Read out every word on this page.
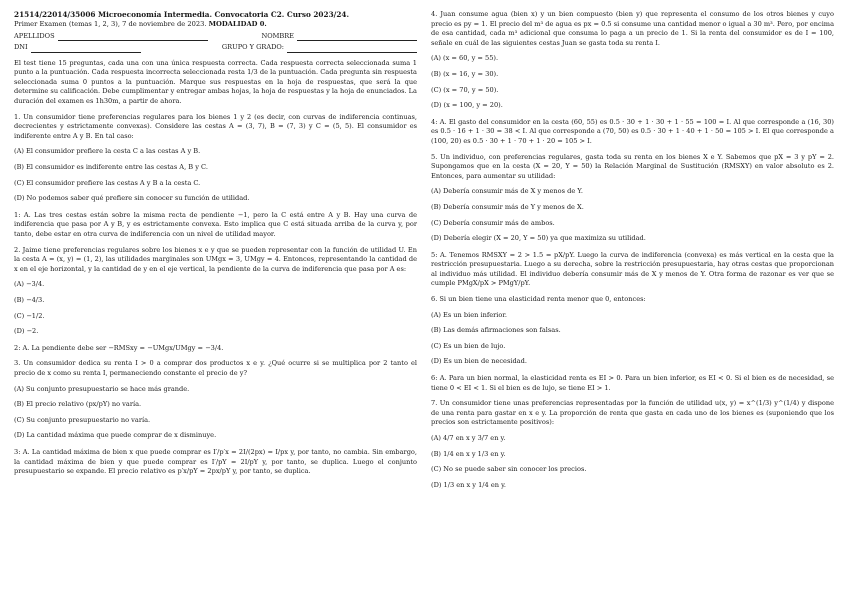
21514/22014/35006 Microeconomía Intermedia. Convocatoria C2. Curso 2023/24.
Primer Examen (temas 1, 2, 3), 7 de noviembre de 2023. MODALIDAD 0.
APELLIDOS	NOMBRE
DNI	GRUPO Y GRADO:

El test tiene 15 preguntas, cada una con una única respuesta correcta. Cada respuesta correcta seleccionada suma 1 punto a la puntuación. Cada respuesta incorrecta seleccionada resta 1/3 de la puntuación. Cada pregunta sin respuesta seleccionada suma 0 puntos a la puntuación. Marque sus respuestas en la hoja de respuestas, que será la que determine su calificación. Debe cumplimentar y entregar ambas hojas, la hoja de respuestas y la hoja de enunciados. La duración del examen es 1h30m, a partir de ahora.

1. Un consumidor tiene preferencias regulares para los bienes 1 y 2 (es decir, con curvas de indiferencia continuas, decrecientes y estrictamente convexas). Considere las cestas A = (3, 7), B = (7, 3) y C = (5, 5). El consumidor es indiferente entre A y B. En tal caso:

(A) El consumidor prefiere la cesta C a las cestas A y B.
(B) El consumidor es indiferente entre las cestas A, B y C.
(C) El consumidor prefiere las cestas A y B a la cesta C.
(D) No podemos saber qué prefiere sin conocer su función de utilidad.

1: A. Las tres cestas están sobre la misma recta de pendiente −1, pero la C está entre A y B. Hay una curva de indiferencia que pasa por A y B, y es estrictamente convexa. Esto implica que C está situada arriba de la curva y, por tanto, debe estar en otra curva de indiferencia con un nivel de utilidad mayor.

2. Jaime tiene preferencias regulares sobre los bienes x e y que se pueden representar con la función de utilidad U. En la cesta A = (x, y) = (1, 2), las utilidades marginales son UMgx = 3, UMgy = 4. Entonces, representando la cantidad de x en el eje horizontal, y la cantidad de y en el eje vertical, la pendiente de la curva de indiferencia que pasa por A es:

(A) −3/4.
(B) −4/3.
(C) −1/2.
(D) −2.

2: A. La pendiente debe ser −RMSxy = −UMgx/UMgy = −3/4.

3. Un consumidor dedica su renta I > 0 a comprar dos productos x e y. ¿Qué ocurre si se multiplica por 2 tanto el precio de x como su renta I, permaneciendo constante el precio de y?

(A) Su conjunto presupuestario se hace más grande.
(B) El precio relativo (px/pY) no varía.
(C) Su conjunto presupuestario no varía.
(D) La cantidad máxima que puede comprar de x disminuye.

3: A. La cantidad máxima de bien x que puede comprar es I′/p′x = 2I/(2px) = I/px y, por tanto, no cambia. Sin embargo, la cantidad máxima de bien y que puede comprar es I′/pY = 2I/pY y, por tanto, se duplica. Luego el conjunto presupuestario se expande. El precio relativo es p′x/pY = 2px/pY y, por tanto, se duplica.

4. Juan consume agua (bien x) y un bien compuesto (bien y) que representa el consumo de los otros bienes y cuyo precio es py = 1. El precio del m³ de agua es px = 0.5 si consume una cantidad menor o igual a 30 m³. Pero, por encima de esa cantidad, cada m³ adicional que consuma lo paga a un precio de 1. Si la renta del consumidor es de I = 100, señale en cuál de las siguientes cestas Juan se gasta toda su renta I.

(A) (x = 60, y = 55).
(B) (x = 16, y = 30).
(C) (x = 70, y = 50).
(D) (x = 100, y = 20).

4: A. El gasto del consumidor en la cesta (60, 55) es 0.5 · 30 + 1 · 30 + 1 · 55 = 100 = I. Al que corresponde a (16, 30) es 0.5 · 16 + 1 · 30 = 38 < I. Al que corresponde a (70, 50) es 0.5 · 30 + 1 · 40 + 1 · 50 = 105 > I. El que corresponde a (100, 20) es 0.5 · 30 + 1 · 70 + 1 · 20 = 105 > I.

5. Un individuo, con preferencias regulares, gasta toda su renta en los bienes X e Y. Sabemos que pX = 3 y pY = 2. Supongamos que en la cesta (X = 20, Y = 50) la Relación Marginal de Sustitución (RMSXY) en valor absoluto es 2. Entonces, para aumentar su utilidad:

(A) Debería consumir más de X y menos de Y.
(B) Debería consumir más de Y y menos de X.
(C) Debería consumir más de ambos.
(D) Debería elegir (X = 20, Y = 50) ya que maximiza su utilidad.

5: A. Tenemos RMSXY = 2 > 1.5 = pX/pY. Luego la curva de indiferencia (convexa) es más vertical en la cesta que la restricción presupuestaria. Luego a su derecha, sobre la restricción presupuestaria, hay otras cestas que proporcionan al individuo más utilidad. El individuo debería consumir más de X y menos de Y. Otra forma de razonar es ver que se cumple PMgX/pX > PMgY/pY.

6. Si un bien tiene una elasticidad renta menor que 0, entonces:

(A) Es un bien inferior.
(B) Las demás afirmaciones son falsas.
(C) Es un bien de lujo.
(D) Es un bien de necesidad.

6: A. Para un bien normal, la elasticidad renta es EI > 0. Para un bien inferior, es EI < 0. Si el bien es de necesidad, se tiene 0 < EI < 1. Si el bien es de lujo, se tiene EI > 1.

7. Un consumidor tiene unas preferencias representadas por la función de utilidad u(x, y) = x^(1/3) y^(1/4) y dispone de una renta para gastar en x e y. La proporción de renta que gasta en cada uno de los bienes es (suponiendo que los precios son estrictamente positivos):

(A) 4/7 en x y 3/7 en y.
(B) 1/4 en x y 1/3 en y.
(C) No se puede saber sin conocer los precios.
(D) 1/3 en x y 1/4 en y.
